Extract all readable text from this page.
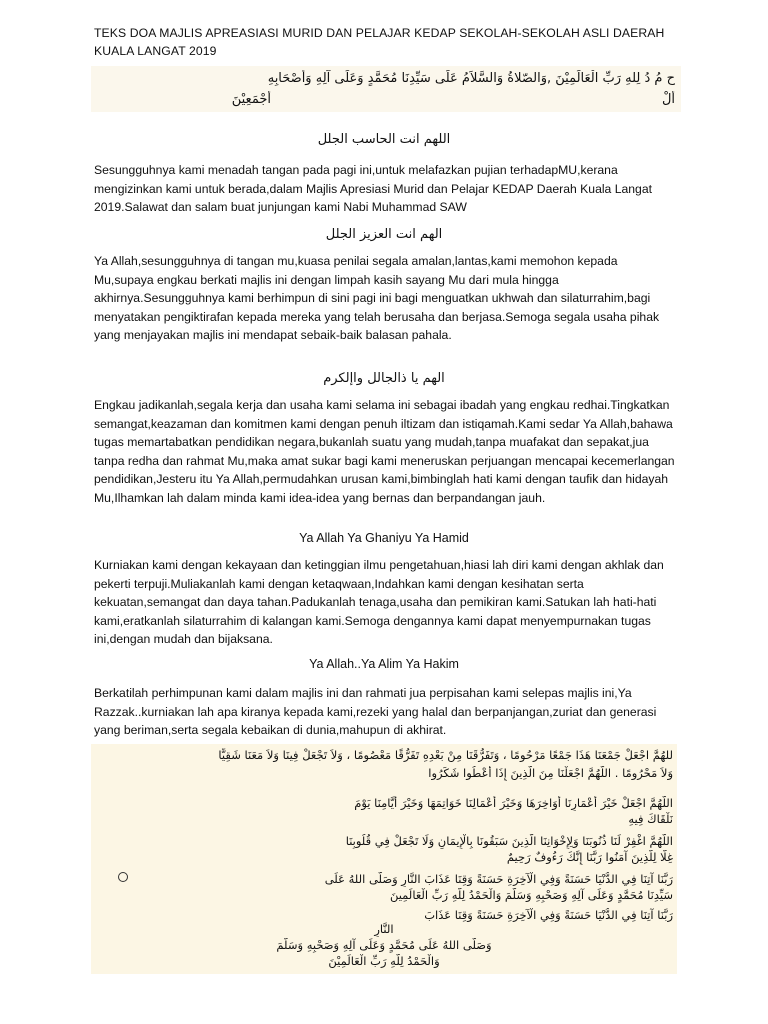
TEKS DOA MAJLIS APREASIASI MURID DAN PELAJAR KEDAP SEKOLAH-SEKOLAH ASLI DAERAH KUALA LANGAT 2019
ح مُ دُ لِلهِ رَبِّ الْعَالَمِيْنَ ,وَالصّلاةُ وَالسَّلاَمُ عَلَى سَيِّدِنَا مُحَمَّدٍ وَعَلَى آلِهِ وَأَصْحَابِهِ
أَلْ
أَجْمَعِيْنَ
اللهم انت الحاسب الجلل
Sesungguhnya kami menadah tangan pada pagi ini,untuk melafazkan pujian terhadapMU,kerana mengizinkan kami untuk berada,dalam Majlis Apresiasi Murid dan Pelajar KEDAP Daerah Kuala Langat 2019.Salawat dan salam buat junjungan kami Nabi Muhammad SAW
الهم انت العزيز الجلل
Ya Allah,sesungguhnya di tangan mu,kuasa penilai segala amalan,lantas,kami memohon kepada Mu,supaya engkau berkati majlis ini dengan limpah kasih sayang Mu dari mula hingga akhirnya.Sesungguhnya kami berhimpun di sini pagi ini bagi menguatkan ukhwah dan silaturrahim,bagi menyatakan pengiktirafan kepada mereka yang telah berusaha dan berjasa.Semoga segala usaha pihak yang menjayakan majlis ini mendapat sebaik-baik balasan pahala.
الهم يا ذالجالل واإلكرم
Engkau jadikanlah,segala kerja dan usaha kami selama ini sebagai ibadah yang engkau redhai.Tingkatkan semangat,keazaman dan komitmen kami dengan penuh iltizam dan istiqamah.Kami sedar Ya Allah,bahawa tugas memartabatkan pendidikan negara,bukanlah suatu yang mudah,tanpa muafakat dan sepakat,jua tanpa redha dan rahmat Mu,maka amat sukar bagi kami meneruskan perjuangan mencapai kecemerlangan pendidikan,Jesteru itu Ya Allah,permudahkan urusan kami,bimbinglah hati kami dengan taufik dan hidayah Mu,Ilhamkan lah dalam minda kami idea-idea yang bernas dan berpandangan jauh.
Ya Allah Ya Ghaniyu Ya Hamid
Kurniakan kami dengan kekayaan dan ketinggian ilmu pengetahuan,hiasi lah diri kami dengan akhlak dan pekerti terpuji.Muliakanlah kami dengan ketaqwaan,Indahkan kami dengan kesihatan serta kekuatan,semangat dan daya tahan.Padukanlah tenaga,usaha dan pemikiran kami.Satukan lah hati-hati kami,eratkanlah silaturrahim di kalangan kami.Semoga dengannya kami dapat menyempurnakan tugas ini,dengan mudah dan bijaksana.
Ya Allah..Ya Alim Ya Hakim
Berkatilah perhimpunan kami dalam majlis ini dan rahmati jua perpisahan kami selepas majlis ini,Ya Razzak..kurniakan lah apa kiranya kepada kami,rezeki yang halal dan berpanjangan,zuriat dan generasi yang beriman,serta segala kebaikan di dunia,mahupun di akhirat.
للهُمَّ اجْعَلْ جَمْعَنَا هَذَا جَمْعًا مَرْحُومًا ، وَتَفَرُّقَنَا مِنْ بَعْدِهِ تَفَرُّقًا مَعْصُومًا ، وَلاَ تَجْعَلْ فِينَا وَلاَ مَعَنَا شَقِيًّا
وَلاَ مَحْرُومًا . اللَّهُمَّ اجْعَلْنَا مِنَ الَّذِينَ إِذَا أُعْطُوا شَكَرُوا
اللَّهُمَّ اجْعَلْ خَيْرَ أَعْمَارِنَا أَوَاخِرَهَا وَخَيْرَ أَعْمَالِنَا خَوَاتِمَهَا وَخَيْرَ أَيَّامِنَا يَوْمَ
نَلْقَاكَ فِيهِ
اللَّهُمَّ اغْفِرْ لَنَا ذُنُوبَنَا وَلِإِخْوَانِنَا الَّذِينَ سَبَقُونَا بِالْإِيمَانِ وَلَا تَجْعَلْ فِي قُلُوبِنَا
غِلًّا لِلَّذِينَ آمَنُوا رَبَّنَا إِنَّكَ رَءُوفٌ رَحِيمٌ
رَبَّنَا آتِنَا فِي الدُّنْيَا حَسَنَةً وَفِي الْآخِرَةِ حَسَنَةً وَقِنَا عَذَابَ النَّارِ وَصَلَّى اللهُ عَلَى
سَيِّدِنَا مُحَمَّدٍ وَعَلَى آلِهِ وَصَحْبِهِ وَسَلَّمَ وَالْحَمْدُ لِلَّهِ رَبِّ الْعَالَمِينَ
رَبَّنَا آتِنَا فِي الدُّنْيَا حَسَنَةً وَفِي الْآخِرَةِ حَسَنَةً وَقِنَا عَذَابَ
النَّارِ
وَصَلَّى اللهُ عَلَى مُحَمَّدٍ وَعَلَى آلِهِ وَصَحْبِهِ وَسَلَّمَ
وَالْحَمْدُ لِلَّهِ رَبِّ الْعَالَمِيْنَ
